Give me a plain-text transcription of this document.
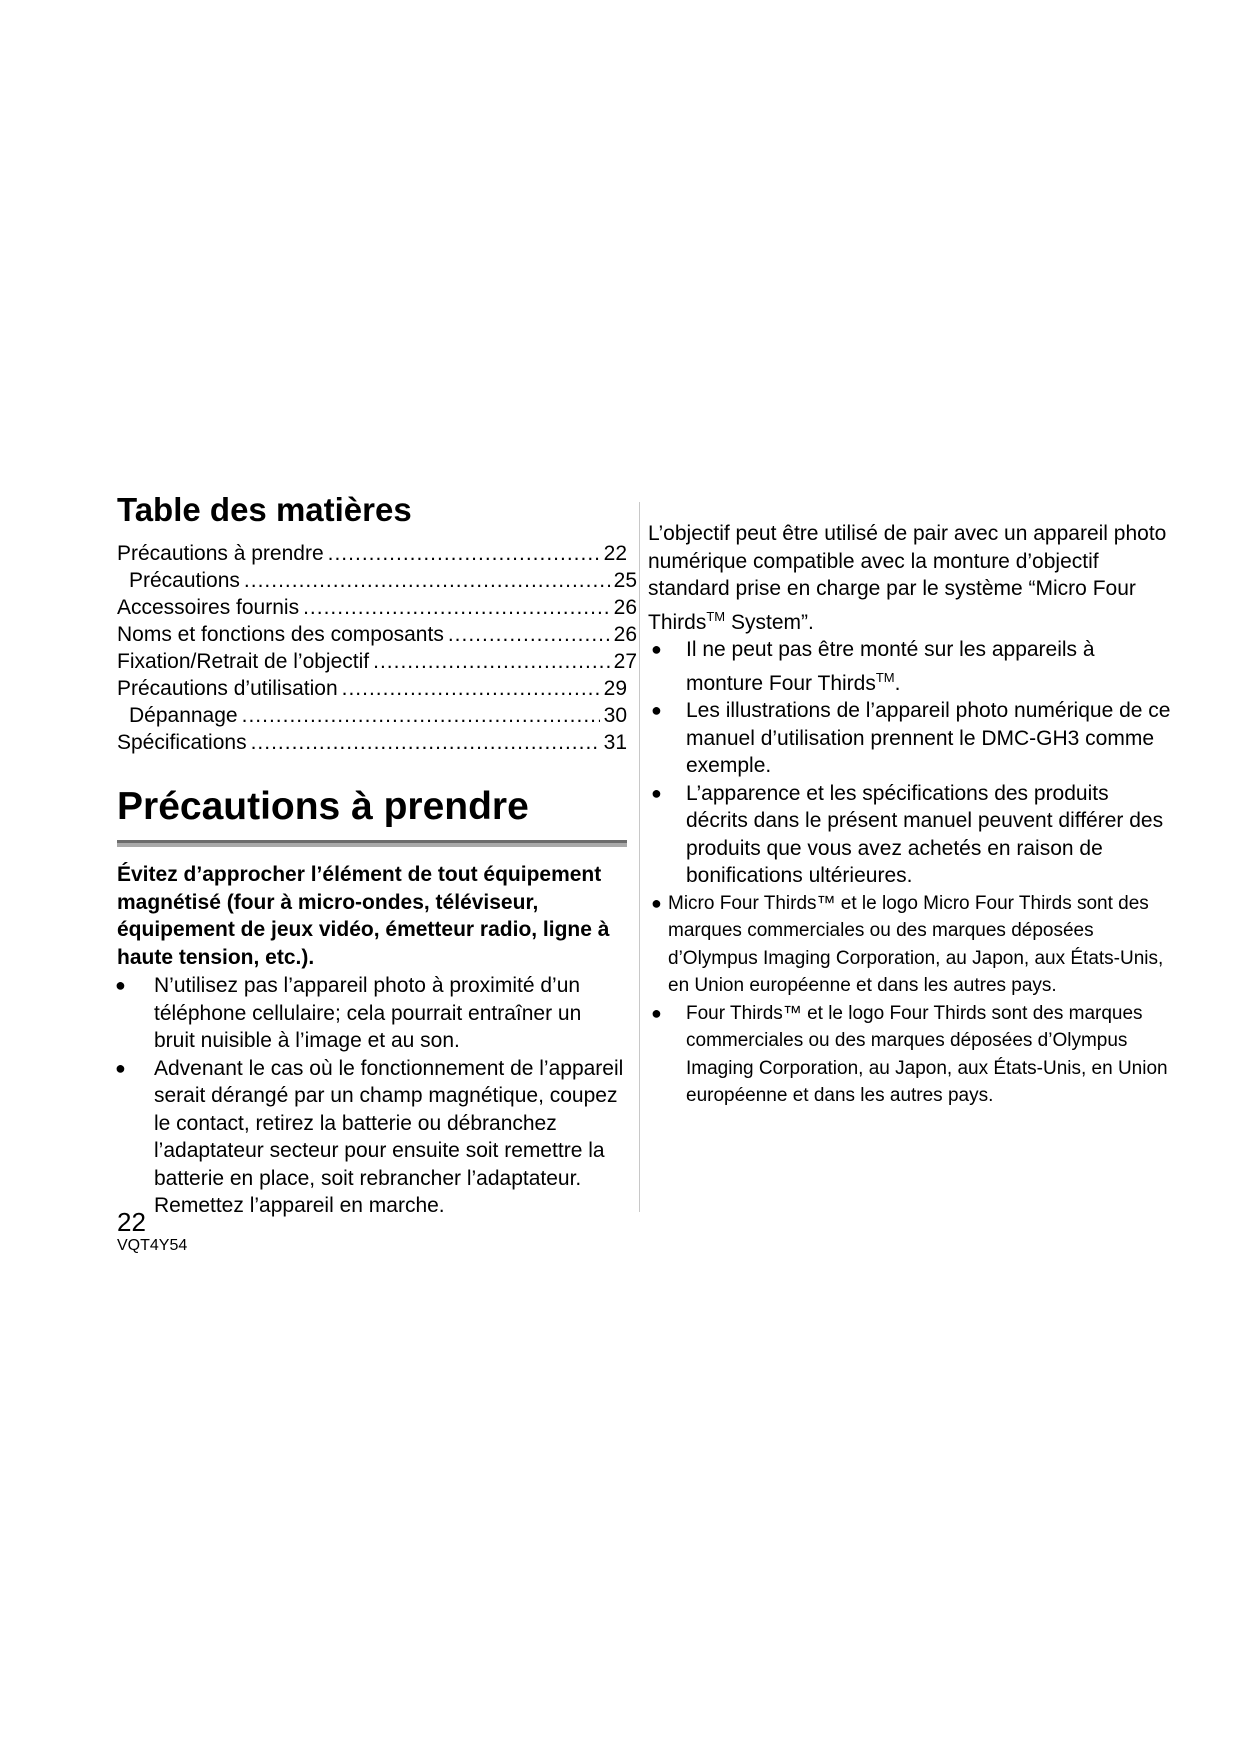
Table des matières
Précautions à prendre .....	22
Précautions .....	25
Accessoires fournis .....	26
Noms et fonctions des composants .....	26
Fixation/Retrait de l’objectif .....	27
Précautions d’utilisation .....	29
Dépannage .....	30
Spécifications .....	31
Précautions à prendre

Évitez d’approcher l’élément de tout équipement magnétisé (four à micro-ondes, téléviseur, équipement de jeux vidéo, émetteur radio, ligne à haute tension, etc.).

● N’utilisez pas l’appareil photo à proximité d’un téléphone cellulaire; cela pourrait entraîner un bruit nuisible à l’image et au son.
● Advenant le cas où le fonctionnement de l’appareil serait dérangé par un champ magnétique, coupez le contact, retirez la batterie ou débranchez l’adaptateur secteur pour ensuite soit remettre la batterie en place, soit rebrancher l’adaptateur. Remettez l’appareil en marche.

L’objectif peut être utilisé de pair avec un appareil photo numérique compatible avec la monture d’objectif standard prise en charge par le système “Micro Four Thirds™ System”.

● Il ne peut pas être monté sur les appareils à monture Four Thirds™.
● Les illustrations de l’appareil photo numérique de ce manuel d’utilisation prennent le DMC-GH3 comme exemple.
● L’apparence et les spécifications des produits décrits dans le présent manuel peuvent différer des produits que vous avez achetés en raison de bonifications ultérieures.
● Micro Four Thirds™ et le logo Micro Four Thirds sont des marques commerciales ou des marques déposées d’Olympus Imaging Corporation, au Japon, aux États-Unis, en Union européenne et dans les autres pays.
● Four Thirds™ et le logo Four Thirds sont des marques commerciales ou des marques déposées d’Olympus Imaging Corporation, au Japon, aux États-Unis, en Union européenne et dans les autres pays.
22
VQT4Y54
